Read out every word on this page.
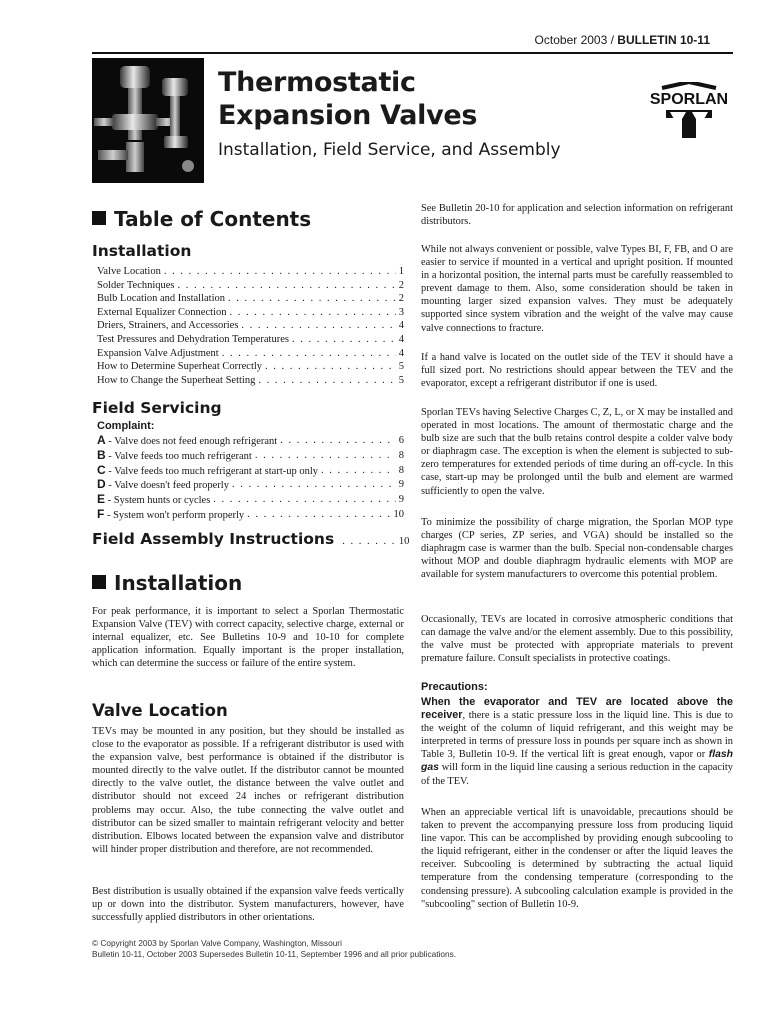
October 2003 / BULLETIN 10-11
Thermostatic
Expansion Valves
Installation, Field Service, and Assembly
SPORLAN
Table of Contents
Installation
Valve Location . . .	1
Solder Techniques . . .	2
Bulb Location and Installation . . .	2
External Equalizer Connection . . .	3
Driers, Strainers, and Accessories . . .	4
Test Pressures and Dehydration Temperatures . . .	4
Expansion Valve Adjustment . . .	4
How to Determine Superheat Correctly . . .	5
How to Change the Superheat Setting . . .	5
Field Servicing
Complaint:
A - Valve does not feed enough refrigerant . . .	6
B - Valve feeds too much refrigerant . . .	8
C - Valve feeds too much refrigerant at start-up only . . .	8
D - Valve doesn't feed properly . . .	9
E - System hunts or cycles . . .	9
F - System won't perform properly . . .	10
Field Assembly Instructions . . . . . . . 10
Installation
For peak performance, it is important to select a Sporlan Thermostatic Expansion Valve (TEV) with correct capacity, selective charge, external or internal equalizer, etc. See Bulletins 10-9 and 10-10 for complete application information. Equally important is the proper installation, which can determine the success or failure of the entire system.
Valve Location
TEVs may be mounted in any position, but they should be installed as close to the evaporator as possible. If a refrigerant distributor is used with the expansion valve, best performance is obtained if the distributor is mounted directly to the valve outlet. If the distributor cannot be mounted directly to the valve outlet, the distance between the valve outlet and distributor should not exceed 24 inches or refrigerant distribution problems may occur. Also, the tube connecting the valve outlet and distributor can be sized smaller to maintain refrigerant velocity and better distribution. Elbows located between the expansion valve and distributor will hinder proper distribution and therefore, are not recommended.
Best distribution is usually obtained if the expansion valve feeds vertically up or down into the distributor. System manufacturers, however, have successfully applied distributors in other orientations.
See Bulletin 20-10 for application and selection information on refrigerant distributors.
While not always convenient or possible, valve Types BI, F, FB, and O are easier to service if mounted in a vertical and upright position. If mounted in a horizontal position, the internal parts must be carefully reassembled to prevent damage to them. Also, some consideration should be taken in mounting larger sized expansion valves. They must be adequately supported since system vibration and the weight of the valve may cause valve connections to fracture.
If a hand valve is located on the outlet side of the TEV it should have a full sized port. No restrictions should appear between the TEV and the evaporator, except a refrigerant distributor if one is used.
Sporlan TEVs having Selective Charges C, Z, L, or X may be installed and operated in most locations. The amount of thermostatic charge and the bulb size are such that the bulb retains control despite a colder valve body or diaphragm case. The exception is when the element is subjected to sub-zero temperatures for extended periods of time during an off-cycle. In this case, start-up may be prolonged until the bulb and element are warmed sufficiently to open the valve.
To minimize the possibility of charge migration, the Sporlan MOP type charges (CP series, ZP series, and VGA) should be installed so the diaphragm case is warmer than the bulb. Special non-condensable charges without MOP and double diaphragm hydraulic elements with MOP are available for system manufacturers to overcome this potential problem.
Occasionally, TEVs are located in corrosive atmospheric conditions that can damage the valve and/or the element assembly. Due to this possibility, the valve must be protected with appropriate materials to prevent premature failure. Consult specialists in protective coatings.
Precautions:
When the evaporator and TEV are located above the receiver, there is a static pressure loss in the liquid line. This is due to the weight of the column of liquid refrigerant, and this weight may be interpreted in terms of pressure loss in pounds per square inch as shown in Table 3, Bulletin 10-9. If the vertical lift is great enough, vapor or flash gas will form in the liquid line causing a serious reduction in the capacity of the TEV.
When an appreciable vertical lift is unavoidable, precautions should be taken to prevent the accompanying pressure loss from producing liquid line vapor. This can be accomplished by providing enough subcooling to the liquid refrigerant, either in the condenser or after the liquid leaves the receiver. Subcooling is determined by subtracting the actual liquid temperature from the condensing temperature (corresponding to the condensing pressure). A subcooling calculation example is provided in the "subcooling" section of Bulletin 10-9.
© Copyright 2003 by Sporlan Valve Company, Washington, Missouri
Bulletin 10-11, October 2003 Supersedes Bulletin 10-11, September 1996 and all prior publications.
